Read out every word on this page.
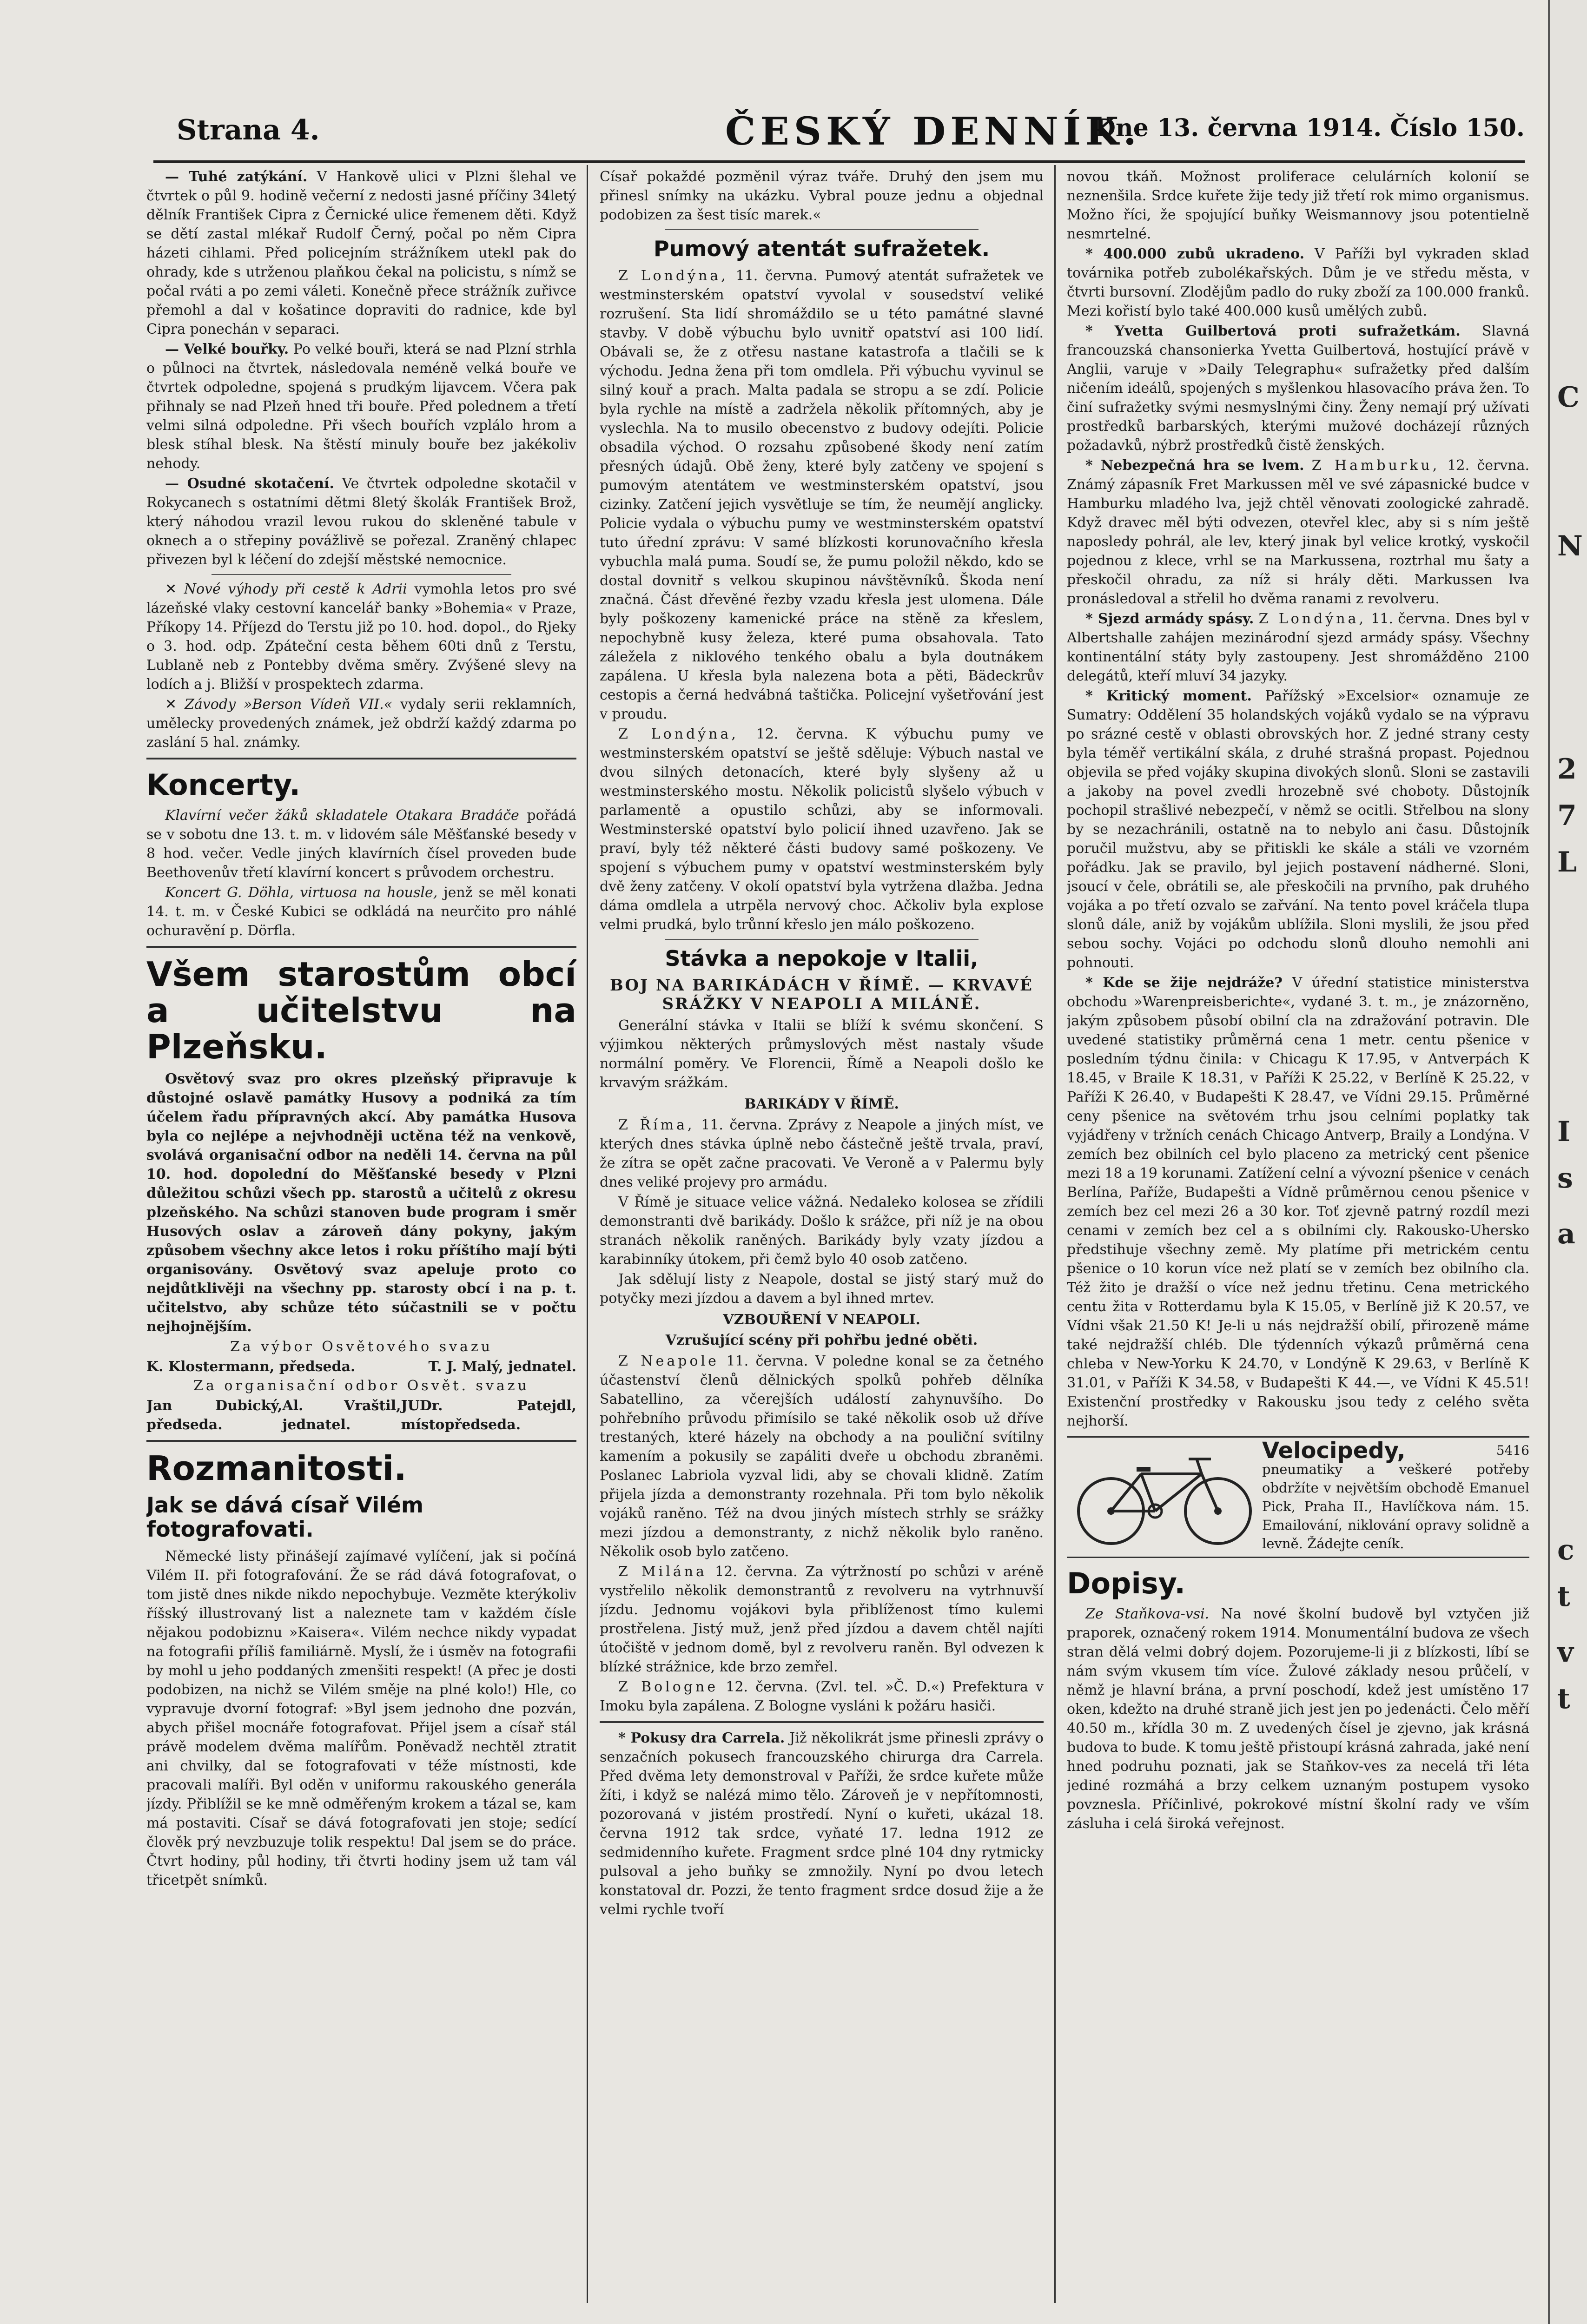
Strana 4.	ČESKÝ DENNÍK.
Dne 13. června 1914. Číslo 150.

— Tuhé zatýkání. V Hankově ulici v Plzni šlehal ve čtvrtek o půl 9. hodině večerní z nedosti jasné příčiny 34letý dělník František Cipra z Černické ulice řemenem děti. Když se dětí zastal mlékař Rudolf Černý, počal po něm Cipra házeti cihlami. Před policejním strážníkem utekl pak do ohrady, kde s utrženou plaňkou čekal na policistu, s nímž se počal rváti a po zemi váleti. Konečně přece strážník zuřivce přemohl a dal v košatince dopraviti do radnice, kde byl Cipra ponechán v separaci.

— Velké bouřky. Po velké bouři, která se nad Plzní strhla o půlnoci na čtvrtek, následovala neméně velká bouře ve čtvrtek odpoledne, spojená s prudkým lijavcem. Včera pak přihnaly se nad Plzeň hned tři bouře. Před polednem a třetí velmi silná odpoledne. Při všech bouřích vzplálo hrom a blesk stíhal blesk. Na štěstí minuly bouře bez jakékoliv nehody.

— Osudné skotačení. Ve čtvrtek odpoledne skotačil v Rokycanech s ostatními dětmi 8letý školák František Brož, který náhodou vrazil levou rukou do skleněné tabule v oknech a o střepiny povážlivě se pořezal. Zraněný chlapec přivezen byl k léčení do zdejší městské nemocnice.

✕ Nové výhody při cestě k Adrii vymohla letos pro své lázeňské vlaky cestovní kancelář banky »Bohemia« v Praze, Příkopy 14. Příjezd do Terstu již po 10. hod. dopol., do Rjeky o 3. hod. odp. Zpáteční cesta během 60ti dnů z Terstu, Lublaně neb z Pontebby dvěma směry. Zvýšené slevy na lodích a j. Bližší v prospektech zdarma.

✕ Závody »Berson Vídeň VII.« vydaly serii reklamních, umělecky provedených známek, jež obdrží každý zdarma po zaslání 5 hal. známky.

Koncerty.

Klavírní večer žáků skladatele Otakara Bradáče pořádá se v sobotu dne 13. t. m. v lidovém sále Měšťanské besedy v 8 hod. večer. Vedle jiných klavírních čísel proveden bude Beethovenův třetí klavírní koncert s průvodem orchestru.

Koncert G. Döhla, virtuosa na housle, jenž se měl konati 14. t. m. v České Kubici se odkládá na neurčito pro náhlé ochuravění p. Dörfla.

Všem starostům obcí a učitelstvu na Plzeňsku.

Osvětový svaz pro okres plzeňský připravuje k důstojné oslavě památky Husovy a podniká za tím účelem řadu přípravných akcí. Aby památka Husova byla co nejlépe a nejvhodněji uctěna též na venkově, svolává organisační odbor na neděli 14. června na půl 10. hod. dopolední do Měšťanské besedy v Plzni důležitou schůzi všech pp. starostů a učitelů z okresu plzeňského. Na schůzi stanoven bude program i směr Husových oslav a zároveň dány pokyny, jakým způsobem všechny akce letos i roku příštího mají býti organisovány. Osvětový svaz apeluje proto co nejdůtklivěji na všechny pp. starosty obcí i na p. t. učitelstvo, aby schůze této súčastnili se v počtu nejhojnějším.

Za výbor Osvětového svazu

K. Klostermann, předseda.	T. J. Malý, jednatel.

Za organisační odbor Osvět. svazu

Jan Dubický, předseda.
Al. Vraštil, jednatel.
JUDr. Patejdl, místopředseda.
Rozmanitosti.
Jak se dává císař Vilém fotografovati.

Německé listy přinášejí zajímavé vylíčení, jak si počíná Vilém II. při fotografování. Že se rád dává fotografovat, o tom jistě dnes nikde nikdo nepochybuje. Vezměte kterýkoliv říšský illustrovaný list a naleznete tam v každém čísle nějakou podobiznu »Kaisera«. Vilém nechce nikdy vypadat na fotografii příliš familiárně. Myslí, že i úsměv na fotografii by mohl u jeho poddaných zmenšiti respekt! (A přec je dosti podobizen, na nichž se Vilém směje na plné kolo!) Hle, co vypravuje dvorní fotograf: »Byl jsem jednoho dne pozván, abych přišel mocnáře fotografovat. Přijel jsem a císař stál právě modelem dvěma malířům. Poněvadž nechtěl ztratit ani chvilky, dal se fotografovati v téže místnosti, kde pracovali malíři. Byl oděn v uniformu rakouského generála jízdy. Přiblížil se ke mně odměřeným krokem a tázal se, kam má postaviti. Císař se dává fotografovati jen stoje; sedící člověk prý nevzbuzuje tolik respektu! Dal jsem se do práce. Čtvrt hodiny, půl hodiny, tři čtvrti hodiny jsem už tam vál třicetpět snímků.

Císař pokaždé pozměnil výraz tváře. Druhý den jsem mu přinesl snímky na ukázku. Vybral pouze jednu a objednal podobizen za šest tisíc marek.«

Pumový atentát sufražetek.

Z Londýna, 11. června. Pumový atentát sufražetek ve westminsterském opatství vyvolal v sousedství veliké rozrušení. Sta lidí shromáždilo se u této památné slavné stavby. V době výbuchu bylo uvnitř opatství asi 100 lidí. Obávali se, že z otřesu nastane katastrofa a tlačili se k východu. Jedna žena při tom omdlela. Při výbuchu vyvinul se silný kouř a prach. Malta padala se stropu a se zdí. Policie byla rychle na místě a zadržela několik přítomných, aby je vyslechla. Na to musilo obecenstvo z budovy odejíti. Policie obsadila východ. O rozsahu způsobené škody není zatím přesných údajů. Obě ženy, které byly zatčeny ve spojení s pumovým atentátem ve westminsterském opatství, jsou cizinky. Zatčení jejich vysvětluje se tím, že neumějí anglicky. Policie vydala o výbuchu pumy ve westminsterském opatství tuto úřední zprávu: V samé blízkosti korunovačního křesla vybuchla malá puma. Soudí se, že pumu položil někdo, kdo se dostal dovnitř s velkou skupinou návštěvníků. Škoda není značná. Část dřevěné řezby vzadu křesla jest ulomena. Dále byly poškozeny kamenické práce na stěně za křeslem, nepochybně kusy železa, které puma obsahovala. Tato záležela z niklového tenkého obalu a byla doutnákem zapálena. U křesla byla nalezena bota a pěti, Bädeckrův cestopis a černá hedvábná taštička. Policejní vyšetřování jest v proudu.

Z Londýna, 12. června. K výbuchu pumy ve westminsterském opatství se ještě sděluje: Výbuch nastal ve dvou silných detonacích, které byly slyšeny až u westminsterského mostu. Několik policistů slyšelo výbuch v parlamentě a opustilo schůzi, aby se informovali. Westminsterské opatství bylo policií ihned uzavřeno. Jak se praví, byly též některé části budovy samé poškozeny. Ve spojení s výbuchem pumy v opatství westminsterském byly dvě ženy zatčeny. V okolí opatství byla vytržena dlažba. Jedna dáma omdlela a utrpěla nervový choc. Ačkoliv byla explose velmi prudká, bylo trůnní křeslo jen málo poškozeno.

Stávka a nepokoje v Italii,
BOJ NA BARIKÁDÁCH V ŘÍMĚ. — KRVAVÉ SRÁŽKY V NEAPOLI A MILÁNĚ.

Generální stávka v Italii se blíží k svému skončení. S výjimkou některých průmyslových měst nastaly všude normální poměry. Ve Florencii, Římě a Neapoli došlo ke krvavým srážkám.

BARIKÁDY V ŘÍMĚ.

Z Říma, 11. června. Zprávy z Neapole a jiných míst, ve kterých dnes stávka úplně nebo částečně ještě trvala, praví, že zítra se opět začne pracovati. Ve Veroně a v Palermu byly dnes veliké projevy pro armádu.

V Římě je situace velice vážná. Nedaleko kolosea se zřídili demonstranti dvě barikády. Došlo k srážce, při níž je na obou stranách několik raněných. Barikády byly vzaty jízdou a karabinníky útokem, při čemž bylo 40 osob zatčeno.

Jak sdělují listy z Neapole, dostal se jistý starý muž do potyčky mezi jízdou a davem a byl ihned mrtev.

VZBOUŘENÍ V NEAPOLI.
Vzrušující scény při pohřbu jedné oběti.

Z Neapole 11. června. V poledne konal se za četného účastenství členů dělnických spolků pohřeb dělníka Sabatellino, za včerejších událostí zahynuvšího. Do pohřebního průvodu přimísilo se také několik osob už dříve trestaných, které házely na obchody a na pouliční svítilny kamením a pokusily se zapáliti dveře u obchodu zbraněmi. Poslanec Labriola vyzval lidi, aby se chovali klidně. Zatím přijela jízda a demonstranty rozehnala. Při tom bylo několik vojáků raněno. Též na dvou jiných místech strhly se srážky mezi jízdou a demonstranty, z nichž několik bylo raněno. Několik osob bylo zatčeno.

Z Milána 12. června. Za výtržností po schůzi v aréně vystřelilo několik demonstrantů z revolveru na vytrhnuvší jízdu. Jednomu vojákovi byla přiblíženost tímo kulemi prostřelena. Jistý muž, jenž před jízdou a davem chtěl najíti útočiště v jednom domě, byl z revolveru raněn. Byl odvezen k blízké strážnice, kde brzo zemřel.

Z Bologne 12. června. (Zvl. tel. »Č. D.«) Prefektura v Imoku byla zapálena. Z Bologne vysláni k požáru hasiči.

* Pokusy dra Carrela. Již několikrát jsme přinesli zprávy o senzačních pokusech francouzského chirurga dra Carrela. Před dvěma lety demonstroval v Paříži, že srdce kuřete může žíti, i když se nalézá mimo tělo. Zároveň je v nepřítomnosti, pozorovaná v jistém prostředí. Nyní o kuřeti, ukázal 18. června 1912 tak srdce, vyňaté 17. ledna 1912 ze sedmidenního kuřete. Fragment srdce plné 104 dny rytmicky pulsoval a jeho buňky se zmnožily. Nyní po dvou letech konstatoval dr. Pozzi, že tento fragment srdce dosud žije a že velmi rychle tvoří

novou tkáň. Možnost proliferace celulárních kolonií se neznenšila. Srdce kuřete žije tedy již třetí rok mimo organismus. Možno říci, že spojující buňky Weismannovy jsou potentielně nesmrtelné.

* 400.000 zubů ukradeno. V Paříži byl vykraden sklad továrnika potřeb zubolékařských. Dům je ve středu města, v čtvrti bursovní. Zlodějům padlo do ruky zboží za 100.000 franků. Mezi kořistí bylo také 400.000 kusů umělých zubů.

* Yvetta Guilbertová proti sufražetkám. Slavná francouzská chansonierka Yvetta Guilbertová, hostující právě v Anglii, varuje v »Daily Telegraphu« sufražetky před dalším ničením ideálů, spojených s myšlenkou hlasovacího práva žen. To činí sufražetky svými nesmyslnými činy. Ženy nemají prý užívati prostředků barbarských, kterými mužové docházejí různých požadavků, nýbrž prostředků čistě ženských.

* Nebezpečná hra se lvem. Z Hamburku, 12. června. Známý zápasník Fret Markussen měl ve své zápasnické budce v Hamburku mladého lva, jejž chtěl věnovati zoologické zahradě. Když dravec měl býti odvezen, otevřel klec, aby si s ním ještě naposledy pohrál, ale lev, který jinak byl velice krotký, vyskočil pojednou z klece, vrhl se na Markussena, roztrhal mu šaty a přeskočil ohradu, za níž si hrály děti. Markussen lva pronásledoval a střelil ho dvěma ranami z revolveru.

* Sjezd armády spásy. Z Londýna, 11. června. Dnes byl v Albertshalle zahájen mezinárodní sjezd armády spásy. Všechny kontinentální státy byly zastoupeny. Jest shromážděno 2100 delegátů, kteří mluví 34 jazyky.

* Kritický moment. Pařížský »Excelsior« oznamuje ze Sumatry: Oddělení 35 holandských vojáků vydalo se na výpravu po srázné cestě v oblasti obrovských hor. Z jedné strany cesty byla téměř vertikální skála, z druhé strašná propast. Pojednou objevila se před vojáky skupina divokých slonů. Sloni se zastavili a jakoby na povel zvedli hrozebně své choboty. Důstojník pochopil strašlivé nebezpečí, v němž se ocitli. Střelbou na slony by se nezachránili, ostatně na to nebylo ani času. Důstojník poručil mužstvu, aby se přitiskli ke skále a stáli ve vzorném pořádku. Jak se pravilo, byl jejich postavení nádherné. Sloni, jsoucí v čele, obrátili se, ale přeskočili na prvního, pak druhého vojáka a po třetí ozvalo se zařvání. Na tento povel kráčela tlupa slonů dále, aniž by vojákům ublížila. Sloni myslili, že jsou před sebou sochy. Vojáci po odchodu slonů dlouho nemohli ani pohnouti.

* Kde se žije nejdráže? V úřední statistice ministerstva obchodu »Warenpreisberichte«, vydané 3. t. m., je znázorněno, jakým způsobem působí obilní cla na zdražování potravin. Dle uvedené statistiky průměrná cena 1 metr. centu pšenice v posledním týdnu činila: v Chicagu K 17.95, v Antverpách K 18.45, v Braile K 18.31, v Paříži K 25.22, v Berlíně K 25.22, v Paříži K 26.40, v Budapešti K 28.47, ve Vídni 29.15. Průměrné ceny pšenice na světovém trhu jsou celními poplatky tak vyjádřeny v tržních cenách Chicago Antverp, Braily a Londýna. V zemích bez obilních cel bylo placeno za metrický cent pšenice mezi 18 a 19 korunami. Zatížení celní a vývozní pšenice v cenách Berlína, Paříže, Budapešti a Vídně průměrnou cenou pšenice v zemích bez cel mezi 26 a 30 kor. Toť zjevně patrný rozdíl mezi cenami v zemích bez cel a s obilními cly. Rakousko-Uhersko předstihuje všechny země. My platíme při metrickém centu pšenice o 10 korun více než platí se v zemích bez obilního cla. Též žito je dražší o více než jednu třetinu. Cena metrického centu žita v Rotterdamu byla K 15.05, v Berlíně již K 20.57, ve Vídni však 21.50 K! Je-li u nás nejdražší obilí, přirozeně máme také nejdražší chléb. Dle týdenních výkazů průměrná cena chleba v New-Yorku K 24.70, v Londýně K 29.63, v Berlíně K 31.01, v Paříži K 34.58, v Budapešti K 44.—, ve Vídni K 45.51! Existenční prostředky v Rakousku jsou tedy z celého světa nejhorší.

5416
Velocipedy,
pneumatiky a veškeré potřeby obdržíte v největším obchodě Emanuel Pick, Praha II., Havlíčkova nám. 15. Emailování, niklování opravy solidně a levně. Žádejte ceník.
Dopisy.

Ze Staňkova-vsi. Na nové školní budově byl vztyčen již praporek, označený rokem 1914. Monumentální budova ze všech stran dělá velmi dobrý dojem. Pozorujeme-li ji z blízkosti, líbí se nám svým vkusem tím více. Žulové základy nesou průčelí, v němž je hlavní brána, a první poschodí, kdež jest umístěno 17 oken, kdežto na druhé straně jich jest jen po jedenácti. Čelo měří 40.50 m., křídla 30 m. Z uvedených čísel je zjevno, jak krásná budova to bude. K tomu ještě přistoupí krásná zahrada, jaké není hned podruhu poznati, jak se Staňkov-ves za necelá tři léta jediné rozmáhá a brzy celkem uznaným postupem vysoko povznesla. Příčinlivé, pokrokové místní školní rady ve vším zásluha i celá široká veřejnost.

C
2
7
L
N
I
s
a
c
t
v
t
